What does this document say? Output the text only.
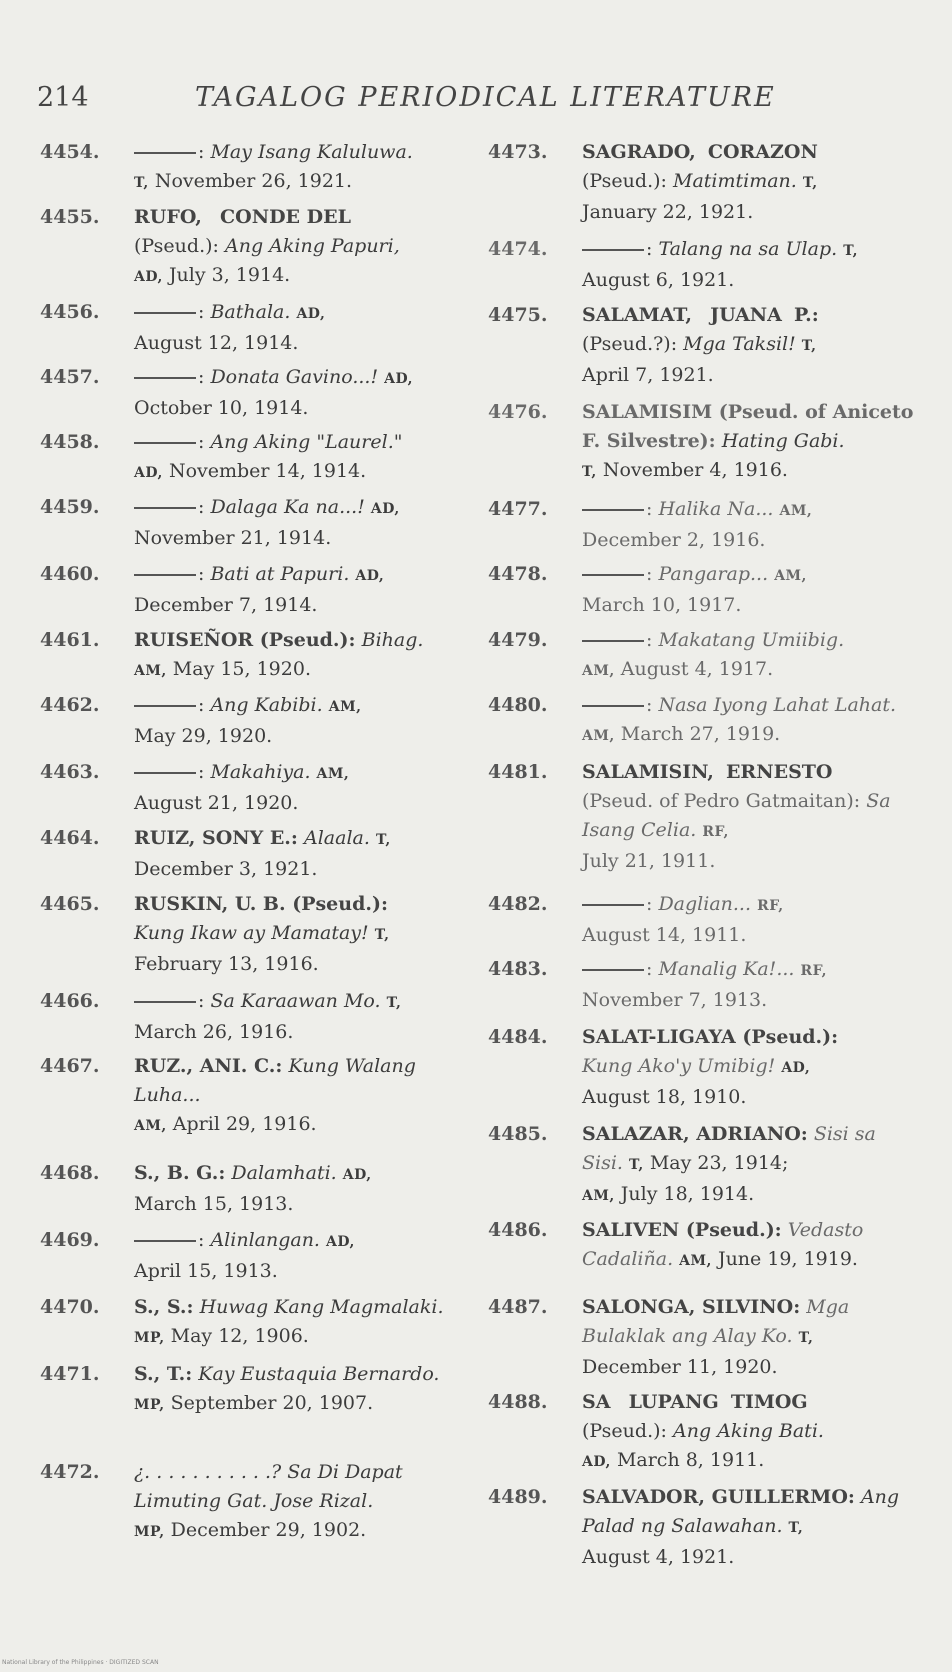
214	TAGALOG PERIODICAL LITERATURE
4454.	: May Isang Kaluluwa.
T, November 26, 1921.
4455. RUFO, CONDE DEL
(Pseud.): Ang Aking Papuri,
AD, July 3, 1914.
4456.	: Bathala. AD,
August 12, 1914.
4457.	: Donata Gavino...! AD,
October 10, 1914.
4458.	: Ang Aking "Laurel."
AD, November 14, 1914.
4459.	: Dalaga Ka na...! AD,
November 21, 1914.
4460.	: Bati at Papuri. AD,
December 7, 1914.
4461. RUISEÑOR (Pseud.): Bihag.
AM, May 15, 1920.
4462.	: Ang Kabibi. AM,
May 29, 1920.
4463.	: Makahiya. AM,
August 21, 1920.
4464. RUIZ, SONY E.: Alaala. T,
December 3, 1921.
4465. RUSKIN, U. B. (Pseud.):
Kung Ikaw ay Mamatay! T,
February 13, 1916.
4466.	: Sa Karaawan Mo. T,
March 26, 1916.
4467. RUZ., ANI. C.: Kung Walang Luha...
AM, April 29, 1916.
4468. S., B. G.: Dalamhati. AD,
March 15, 1913.
4469.	: Alinlangan. AD,
April 15, 1913.
4470. S., S.: Huwag Kang Magmalaki.
MP, May 12, 1906.
4471. S., T.: Kay Eustaquia Bernardo.
MP, September 20, 1907.
4472. ¿. . . . . . . . . . .? Sa Di Dapat Limuting Gat. Jose Rizal.
MP, December 29, 1902.
4473. SAGRADO, CORAZON
(Pseud.): Matimtiman. T,
January 22, 1921.
4474.	: Talang na sa Ulap. T,
August 6, 1921.
4475. SALAMAT, JUANA P.:
(Pseud.?): Mga Taksil! T,
April 7, 1921.
4476. SALAMISIM (Pseud. of Aniceto F. Silvestre): Hating Gabi.
T, November 4, 1916.
4477.	: Halika Na... AM,
December 2, 1916.
4478.	: Pangarap... AM,
March 10, 1917.
4479.	: Makatang Umiibig.
AM, August 4, 1917.
4480.	: Nasa Iyong Lahat Lahat.
AM, March 27, 1919.
4481. SALAMISIN, ERNESTO
(Pseud. of Pedro Gatmaitan): Sa Isang Celia. RF,
July 21, 1911.
4482.	: Daglian... RF,
August 14, 1911.
4483.	: Manalig Ka!... RF,
November 7, 1913.
4484. SALAT-LIGAYA (Pseud.):
Kung Ako'y Umibig! AD,
August 18, 1910.
4485. SALAZAR, ADRIANO: Sisi sa Sisi. T, May 23, 1914;
AM, July 18, 1914.
4486. SALIVEN (Pseud.): Vedasto Cadaliña. AM, June 19, 1919.
4487. SALONGA, SILVINO: Mga Bulaklak ang Alay Ko. T,
December 11, 1920.
4488. SA LUPANG TIMOG
(Pseud.): Ang Aking Bati.
AD, March 8, 1911.
4489. SALVADOR, GUILLERMO: Ang Palad ng Salawahan. T,
August 4, 1921.
National Library of the Philippines · DIGITIZED SCAN
